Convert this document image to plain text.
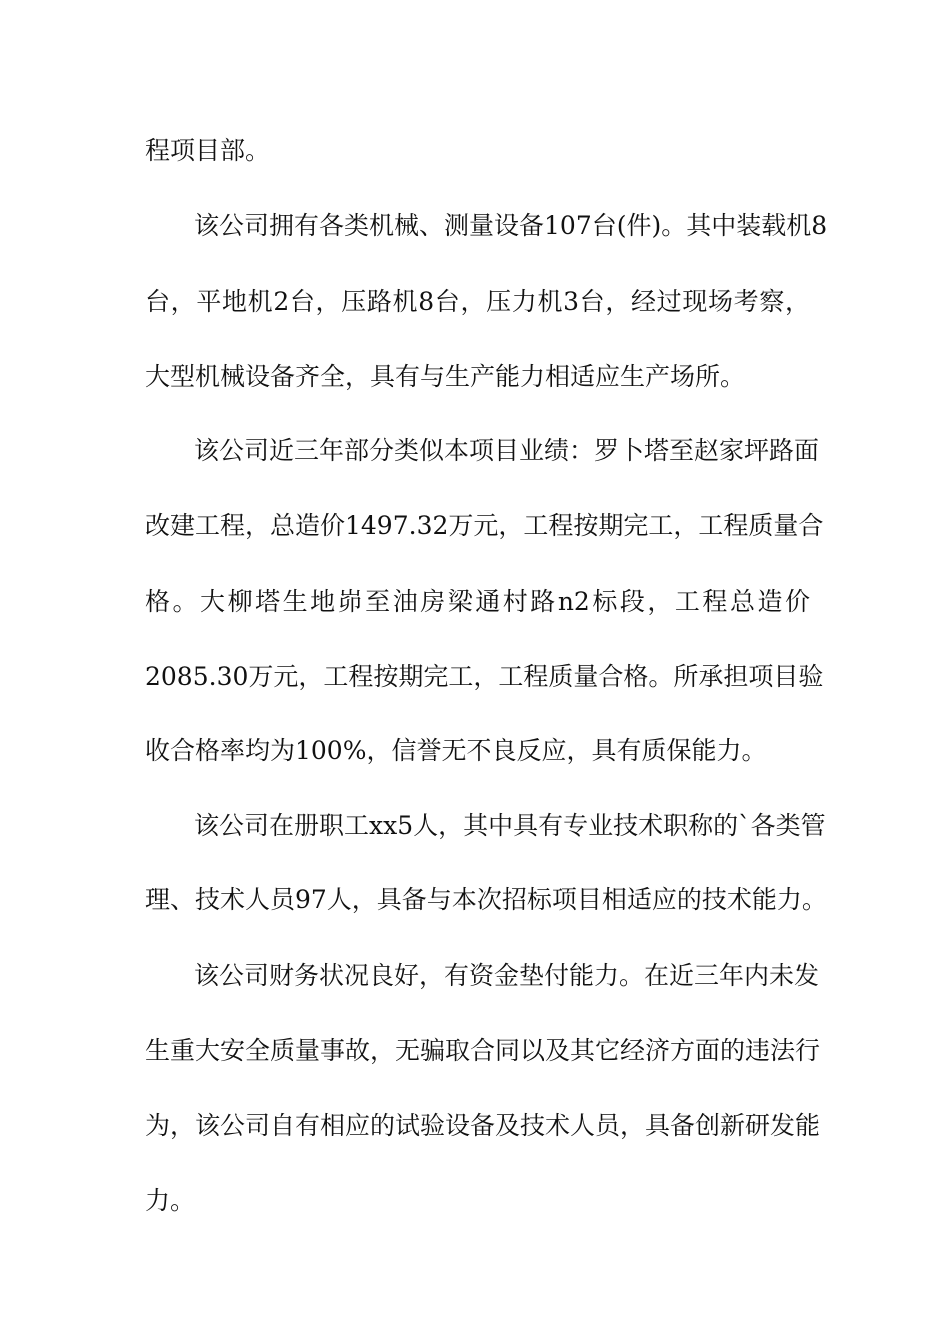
程项目部。
该公司拥有各类机械、测量设备107台(件)。其中装载机8
台，平地机2台，压路机8台，压力机3台，经过现场考察，
大型机械设备齐全，具有与生产能力相适应生产场所。
该公司近三年部分类似本项目业绩：罗卜塔至赵家坪路面
改建工程，总造价1497.32万元，工程按期完工，工程质量合
格。大柳塔生地峁至油房梁通村路n2标段，工程总造价
2085.30万元，工程按期完工，工程质量合格。所承担项目验
收合格率均为100%，信誉无不良反应，具有质保能力。
该公司在册职工xx5人，其中具有专业技术职称的`各类管
理、技术人员97人，具备与本次招标项目相适应的技术能力。
该公司财务状况良好，有资金垫付能力。在近三年内未发
生重大安全质量事故，无骗取合同以及其它经济方面的违法行
为，该公司自有相应的试验设备及技术人员，具备创新研发能
力。
